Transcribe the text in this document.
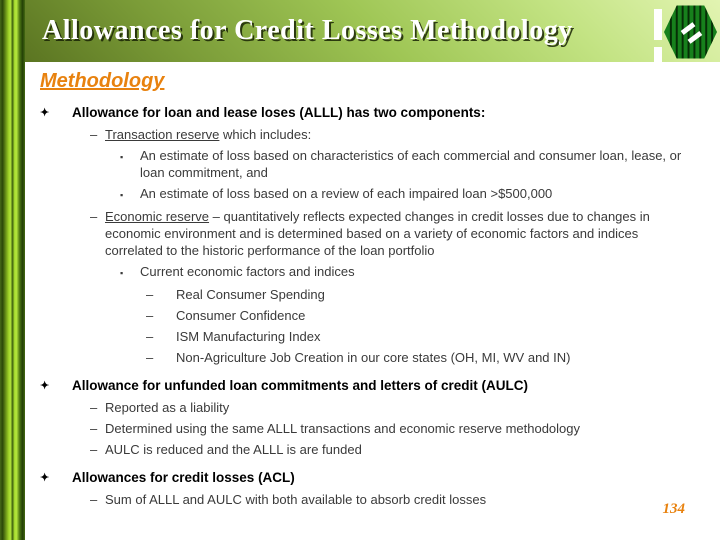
Allowances for Credit Losses Methodology
Methodology
✦	Allowance for loan and lease loses (ALLL) has two components:
– Transaction reserve which includes:
▪	An estimate of loss based on characteristics of each commercial and consumer loan, lease, or loan commitment, and
▪	An estimate of loss based on a review of each impaired loan >$500,000
– Economic reserve – quantitatively reflects expected changes in credit losses due to changes in economic environment and is determined based on a variety of economic factors and indices correlated to the historic performance of the loan portfolio
▪	Current economic factors and indices
–	Real Consumer Spending
–	Consumer Confidence
–	ISM Manufacturing Index
–	Non-Agriculture Job Creation in our core states (OH, MI, WV and IN)
✦	Allowance for unfunded loan commitments and letters of credit (AULC)
– Reported as a liability
– Determined using the same ALLL transactions and economic reserve methodology
– AULC is reduced and the ALLL is are funded
✦	Allowances for credit losses (ACL)
– Sum of ALLL and AULC with both available to absorb credit losses
134
